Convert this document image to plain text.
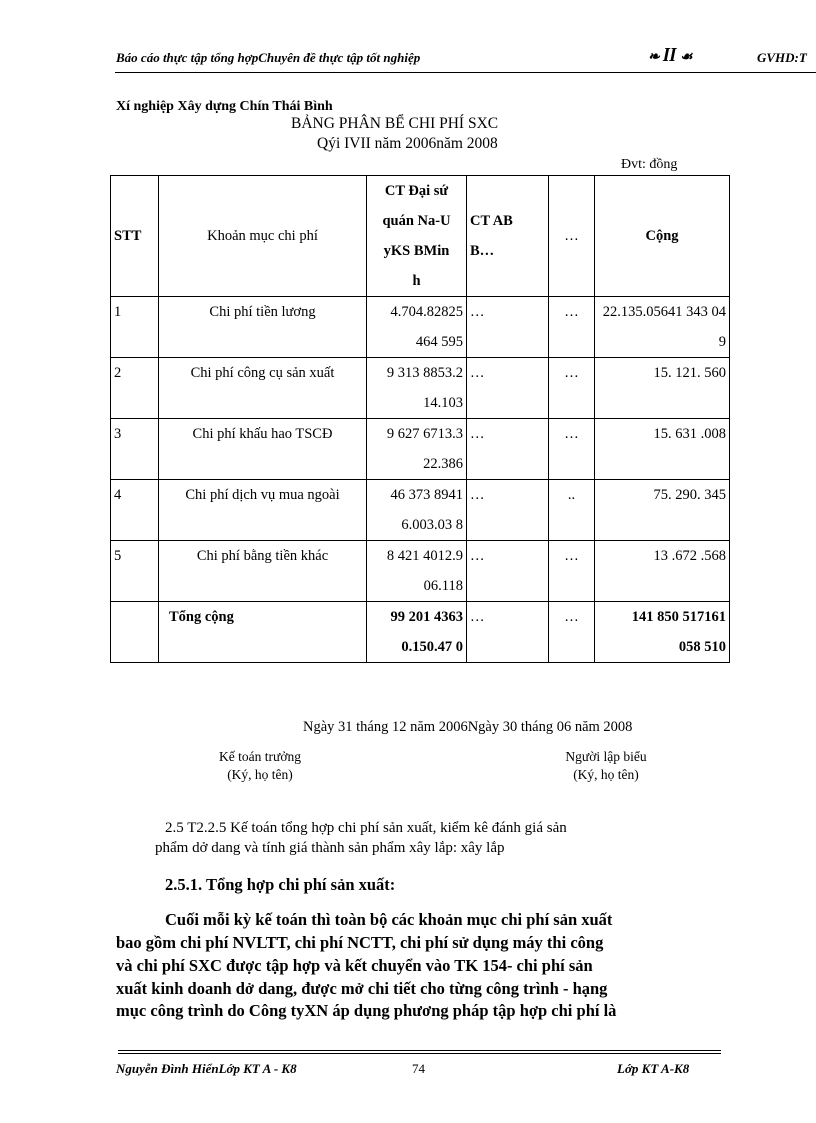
Báo cáo thực tập tổng hợpChuyên đề thực tập tốt nghiệp	❧ ꟾꟾ ☙	GVHD:T
Xí nghiệp Xây dựng Chín Thái Bình
BẢNG PHÂN BỂ CHI PHÍ SXC
Qýi IVII năm 2006năm 2008
Đvt: đồng
STT	Khoản mục chi phí	CT Đại sứ quán Na-UyKS BMinh	CT ABB…	…	Cộng
1	Chi phí tiền lương	4.704.82825 464 595	…	…	22.135.05641 343 049
2	Chi phí công cụ sản xuất	9 313 8853.214.103	…	…	15. 121. 560
3	Chi phí khấu hao TSCĐ	9 627 6713.322.386	…	…	15. 631 .008
4	Chi phí dịch vụ mua ngoài	46 373 89416.003.03 8	…	..	75. 290. 345
5	Chi phí bằng tiền khác	8 421 4012.906.118	…	…	13 .672 .568
	Tổng cộng	99 201 43630.150.47 0	…	…	141 850 517161 058 510
Ngày 31 tháng 12 năm 2006Ngày 30 tháng 06 năm 2008
Kế toán trưởng
(Ký, họ tên)
Người lập biểu
(Ký, họ tên)
2.5 T2.2.5 Kế toán tổng hợp chi phí sản xuất, kiểm kê đánh giá sản
phẩm dở dang và tính giá thành sản phẩm xây lắp: xây lắp
2.5.1. Tổng hợp chi phí sản xuất:
Cuối mỗi kỳ kế toán thì toàn bộ các khoản mục chi phí sản xuất
bao gồm chi phí NVLTT, chi phí NCTT, chi phí sử dụng máy thi công
và chi phí SXC được tập hợp và kết chuyển vào TK 154- chi phí sản
xuất kinh doanh dở dang, được mở chi tiết cho từng công trình - hạng
mục công trình do Công tyXN áp dụng phương pháp tập hợp chi phí là
Nguyễn Đình HiểnLớp KT A - K8	74	Lớp KT A-K8
